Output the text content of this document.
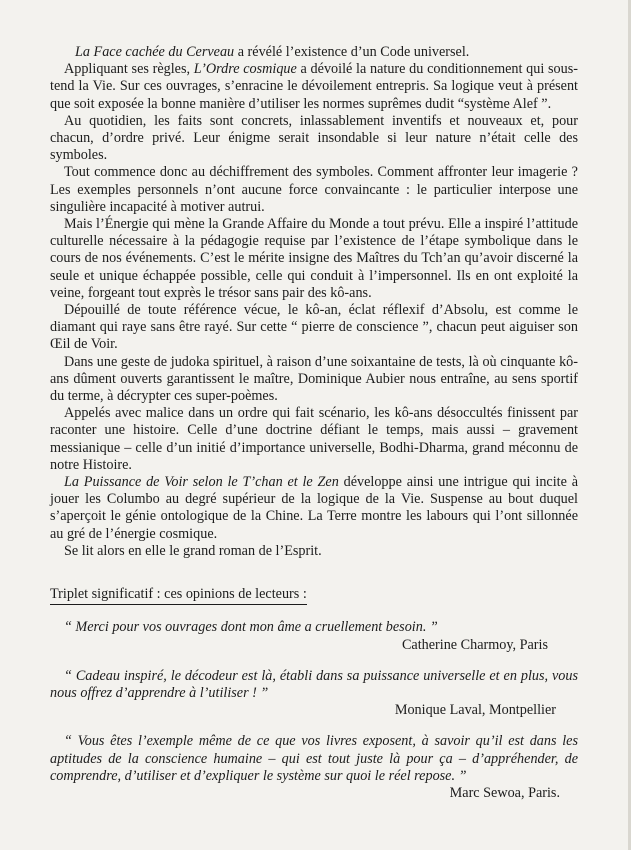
La Face cachée du Cerveau a révélé l’existence d’un Code universel.

Appliquant ses règles, L’Ordre cosmique a dévoilé la nature du conditionnement qui sous-tend la Vie. Sur ces ouvrages, s’enracine le dévoilement entrepris. Sa logique veut à présent que soit exposée la bonne manière d’utiliser les normes suprêmes dudit “système Alef ”.

Au quotidien, les faits sont concrets, inlassablement inventifs et nouveaux et, pour chacun, d’ordre privé. Leur énigme serait insondable si leur nature n’était celle des symboles.

Tout commence donc au déchiffrement des symboles. Comment affronter leur imagerie ? Les exemples personnels n’ont aucune force convaincante : le particulier interpose une singulière incapacité à motiver autrui.

Mais l’Énergie qui mène la Grande Affaire du Monde a tout prévu. Elle a inspiré l’attitude culturelle nécessaire à la pédagogie requise par l’existence de l’étape symbolique dans le cours de nos événements. C’est le mérite insigne des Maîtres du Tch’an qu’avoir discerné la seule et unique échappée possible, celle qui conduit à l’impersonnel. Ils en ont exploité la veine, forgeant tout exprès le trésor sans pair des kô-ans.

Dépouillé de toute référence vécue, le kô-an, éclat réflexif d’Absolu, est comme le diamant qui raye sans être rayé. Sur cette “ pierre de conscience ”, chacun peut aiguiser son Œil de Voir.

Dans une geste de judoka spirituel, à raison d’une soixantaine de tests, là où cinquante kô-ans dûment ouverts garantissent le maître, Dominique Aubier nous entraîne, au sens sportif du terme, à décrypter ces super-poèmes.

Appelés avec malice dans un ordre qui fait scénario, les kô-ans désoccultés finissent par raconter une histoire. Celle d’une doctrine défiant le temps, mais aussi – gravement messianique – celle d’un initié d’importance universelle, Bodhi-Dharma, grand méconnu de notre Histoire.

La Puissance de Voir selon le T’chan et le Zen développe ainsi une intrigue qui incite à jouer les Columbo au degré supérieur de la logique de la Vie. Suspense au bout duquel s’aperçoit le génie ontologique de la Chine. La Terre montre les labours qui l’ont sillonnée au gré de l’énergie cosmique.

Se lit alors en elle le grand roman de l’Esprit.

Triplet significatif : ces opinions de lecteurs :
“ Merci pour vos ouvrages dont mon âme a cruellement besoin. ”
Catherine Charmoy, Paris
“ Cadeau inspiré, le décodeur est là, établi dans sa puissance universelle et en plus, vous nous offrez d’apprendre à l’utiliser ! ”
Monique Laval, Montpellier
“ Vous êtes l’exemple même de ce que vos livres exposent, à savoir qu’il est dans les aptitudes de la conscience humaine – qui est tout juste là pour ça – d’appréhender, de comprendre, d’utiliser et d’expliquer le système sur quoi le réel repose. ”
Marc Sewoa, Paris.
